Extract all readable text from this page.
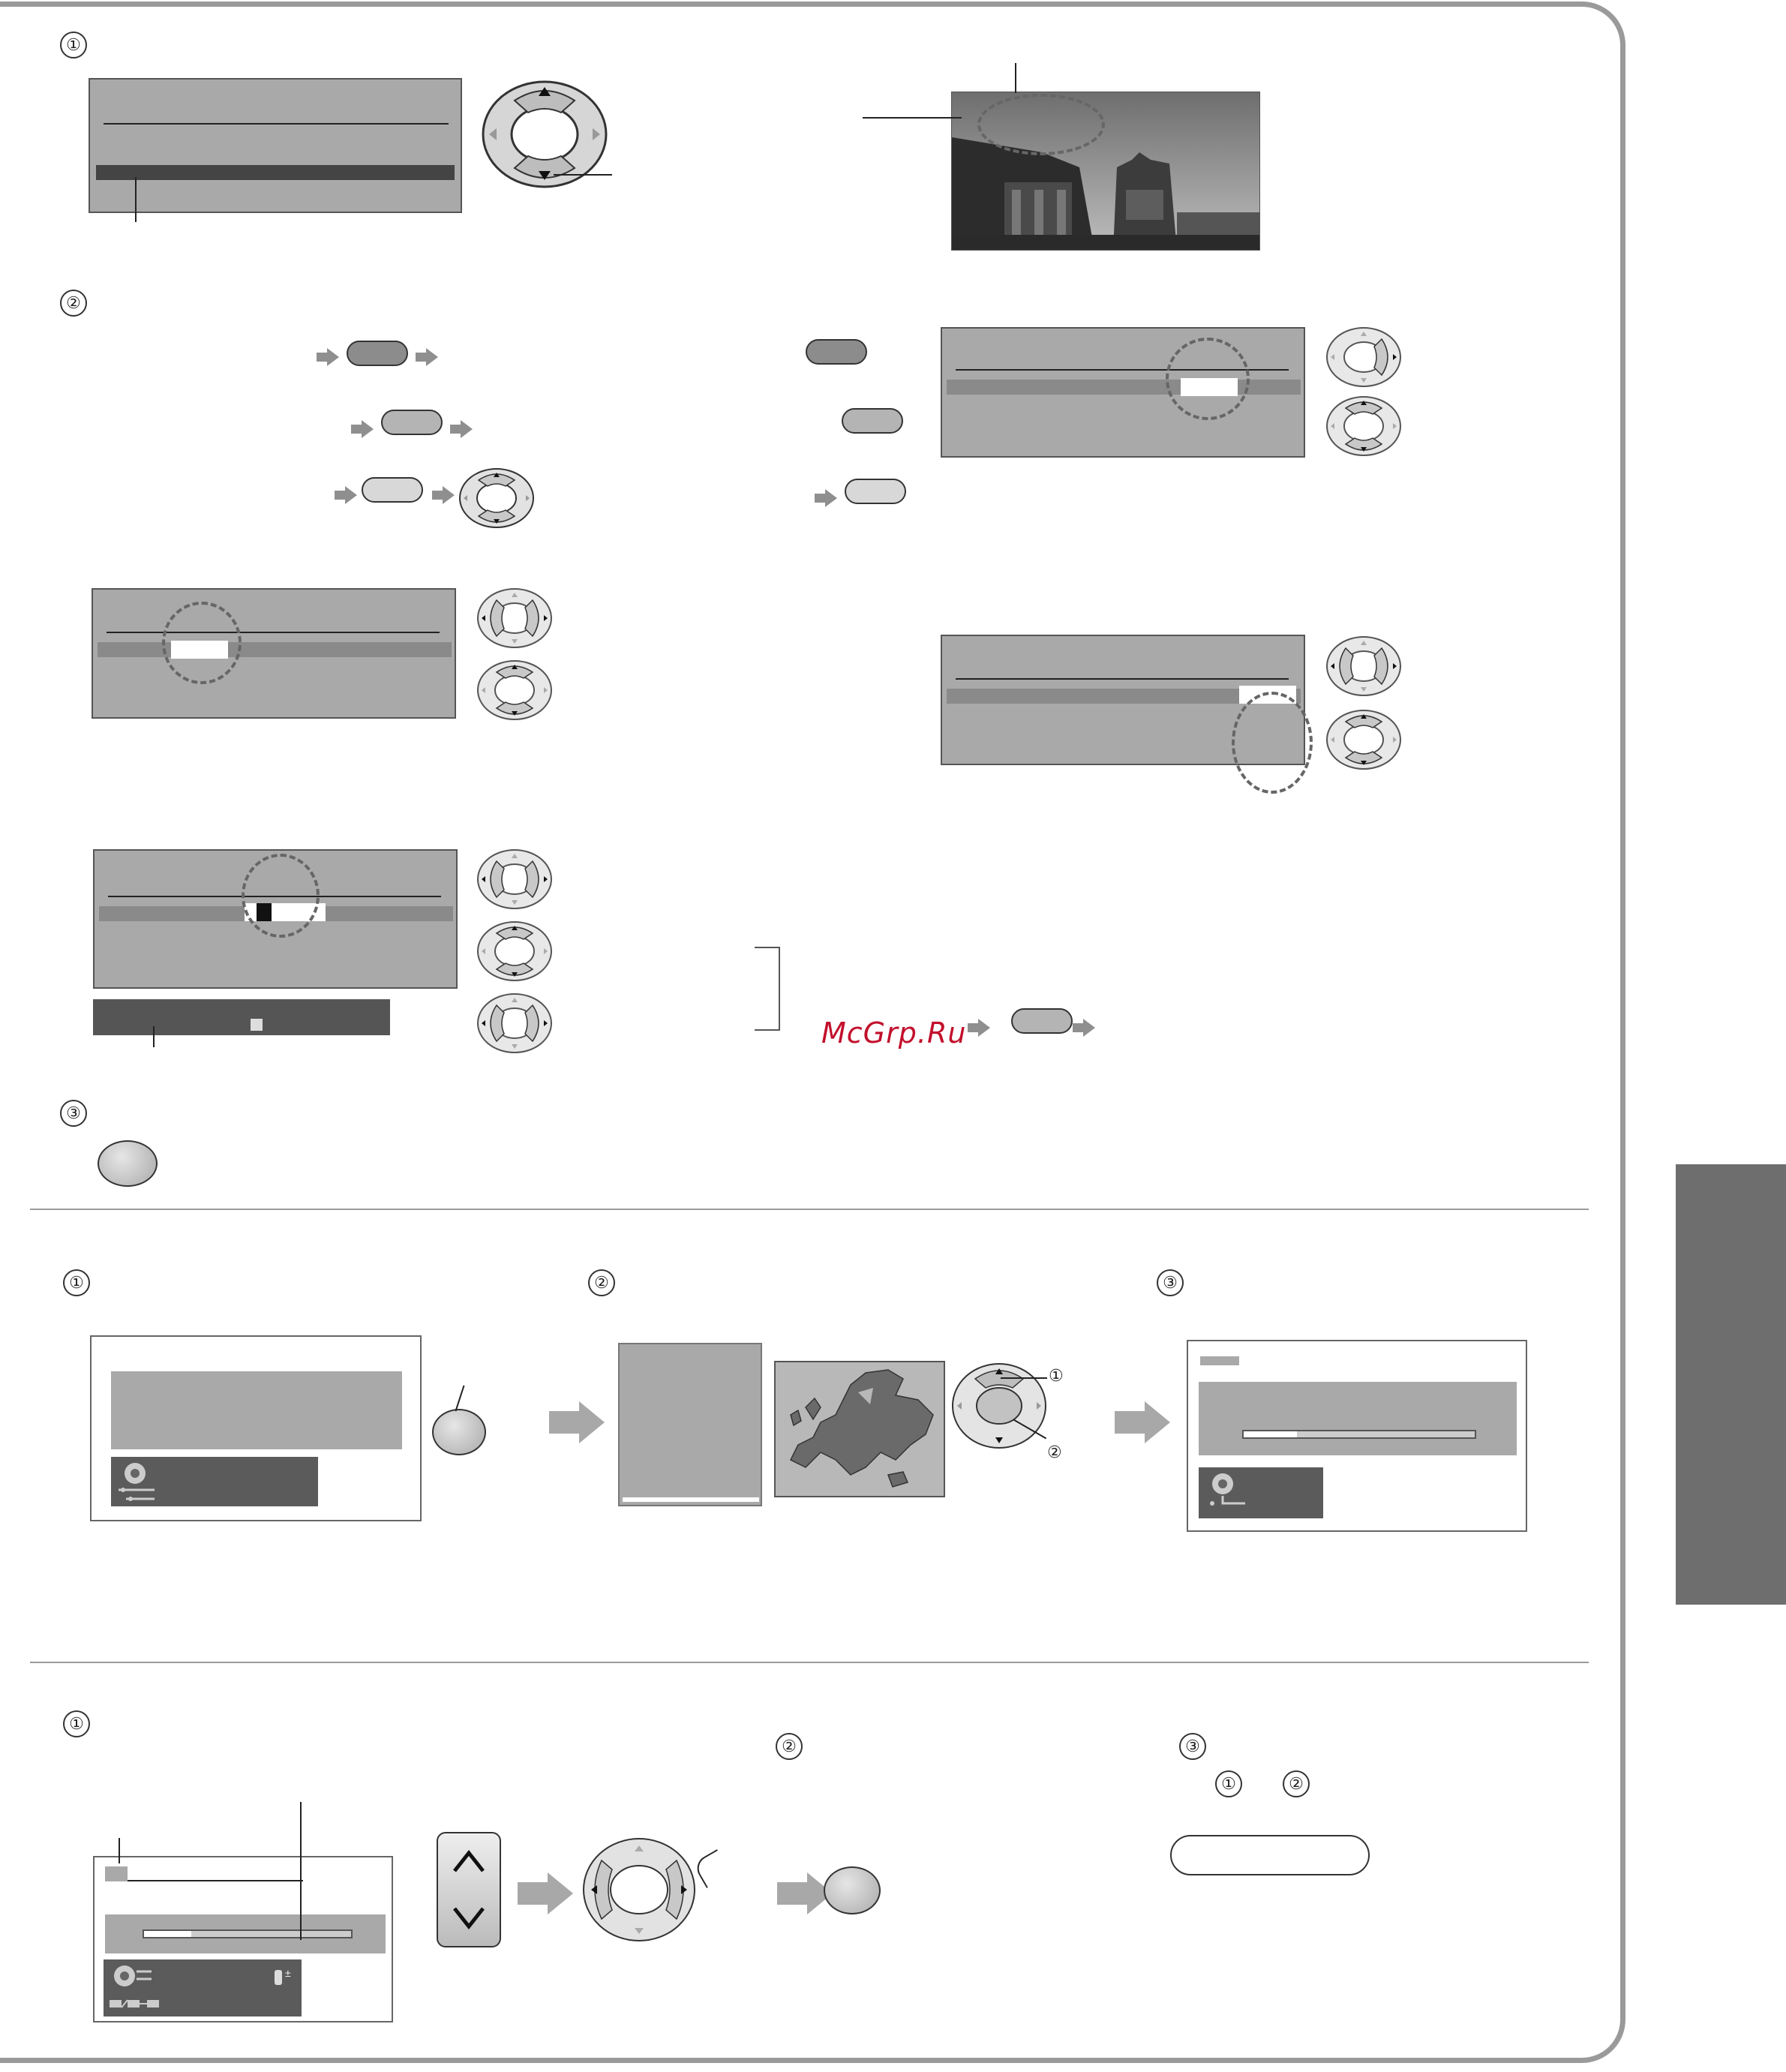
①
②
McGrp.Ru
③
①	②	③
①
②
①
②	③
①	②
±
